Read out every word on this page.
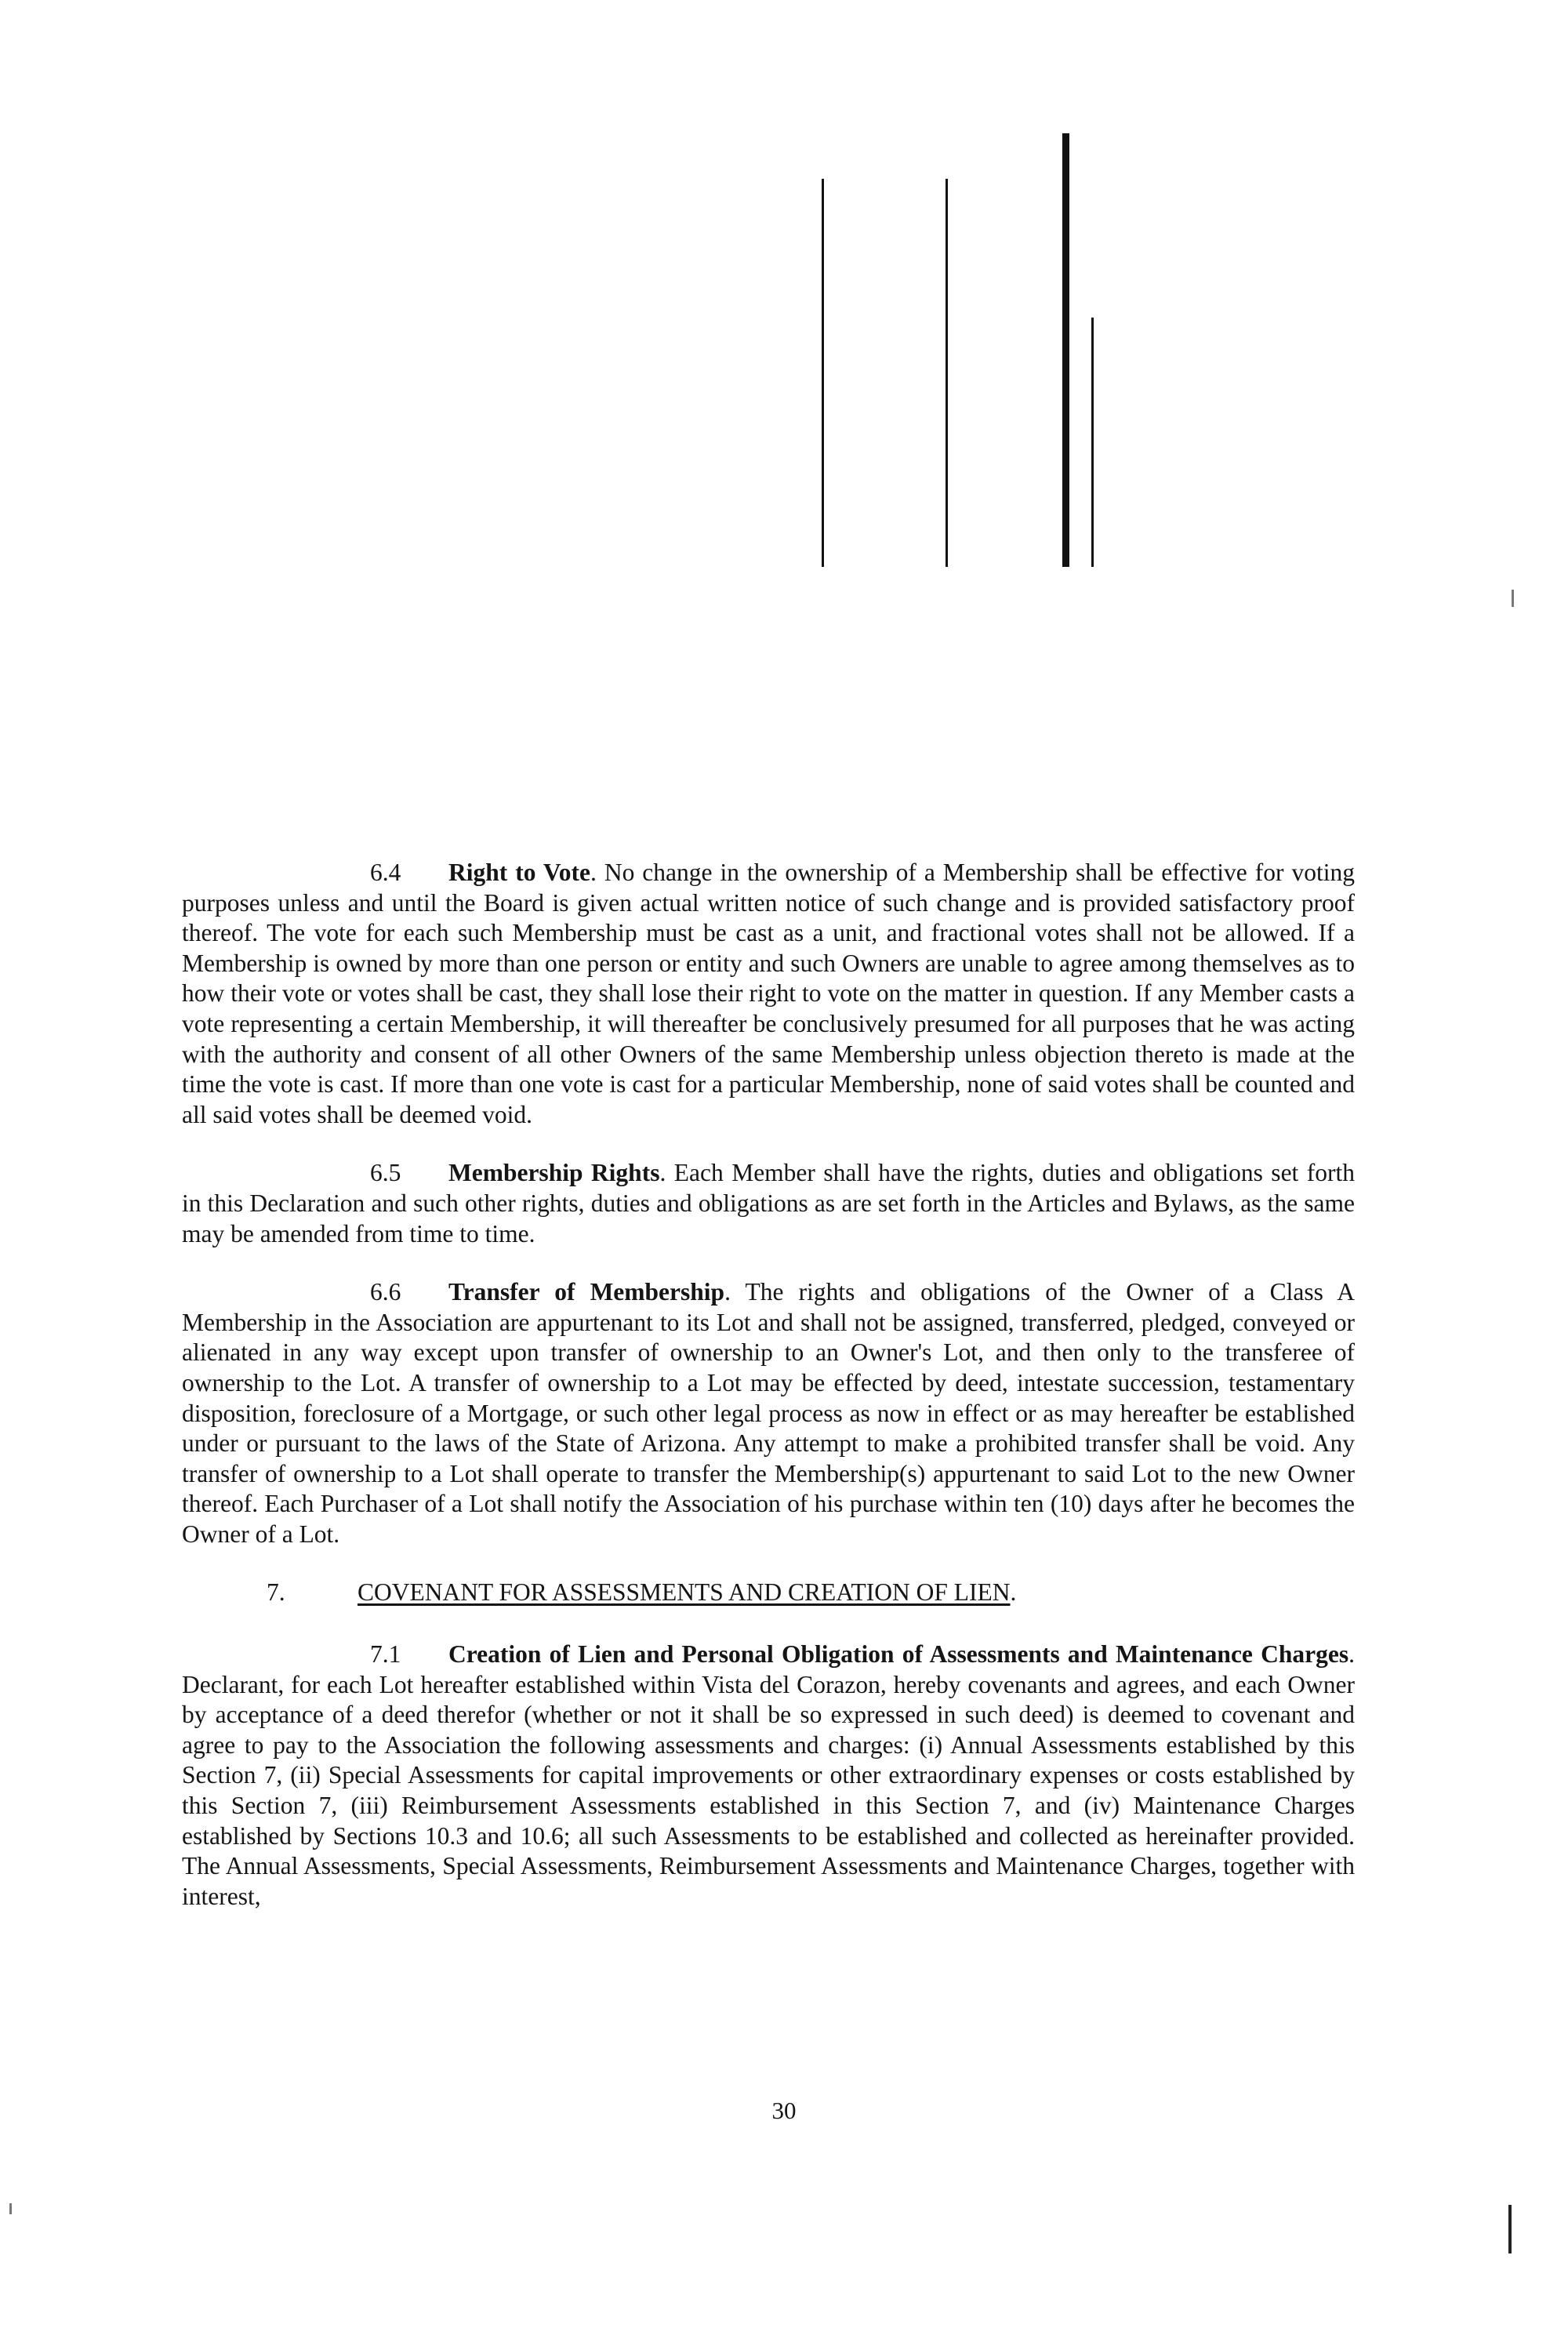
6.4 Right to Vote. No change in the ownership of a Membership shall be effective for voting purposes unless and until the Board is given actual written notice of such change and is provided satisfactory proof thereof. The vote for each such Membership must be cast as a unit, and fractional votes shall not be allowed. If a Membership is owned by more than one person or entity and such Owners are unable to agree among themselves as to how their vote or votes shall be cast, they shall lose their right to vote on the matter in question. If any Member casts a vote representing a certain Membership, it will thereafter be conclusively presumed for all purposes that he was acting with the authority and consent of all other Owners of the same Membership unless objection thereto is made at the time the vote is cast. If more than one vote is cast for a particular Membership, none of said votes shall be counted and all said votes shall be deemed void.

6.5 Membership Rights. Each Member shall have the rights, duties and obligations set forth in this Declaration and such other rights, duties and obligations as are set forth in the Articles and Bylaws, as the same may be amended from time to time.

6.6 Transfer of Membership. The rights and obligations of the Owner of a Class A Membership in the Association are appurtenant to its Lot and shall not be assigned, transferred, pledged, conveyed or alienated in any way except upon transfer of ownership to an Owner's Lot, and then only to the transferee of ownership to the Lot. A transfer of ownership to a Lot may be effected by deed, intestate succession, testamentary disposition, foreclosure of a Mortgage, or such other legal process as now in effect or as may hereafter be established under or pursuant to the laws of the State of Arizona. Any attempt to make a prohibited transfer shall be void. Any transfer of ownership to a Lot shall operate to transfer the Membership(s) appurtenant to said Lot to the new Owner thereof. Each Purchaser of a Lot shall notify the Association of his purchase within ten (10) days after he becomes the Owner of a Lot.

7.	COVENANT FOR ASSESSMENTS AND CREATION OF LIEN.

7.1 Creation of Lien and Personal Obligation of Assessments and Maintenance Charges. Declarant, for each Lot hereafter established within Vista del Corazon, hereby covenants and agrees, and each Owner by acceptance of a deed therefor (whether or not it shall be so expressed in such deed) is deemed to covenant and agree to pay to the Association the following assessments and charges: (i) Annual Assessments established by this Section 7, (ii) Special Assessments for capital improvements or other extraordinary expenses or costs established by this Section 7, (iii) Reimbursement Assessments established in this Section 7, and (iv) Maintenance Charges established by Sections 10.3 and 10.6; all such Assessments to be established and collected as hereinafter provided. The Annual Assessments, Special Assessments, Reimbursement Assessments and Maintenance Charges, together with interest,

30
